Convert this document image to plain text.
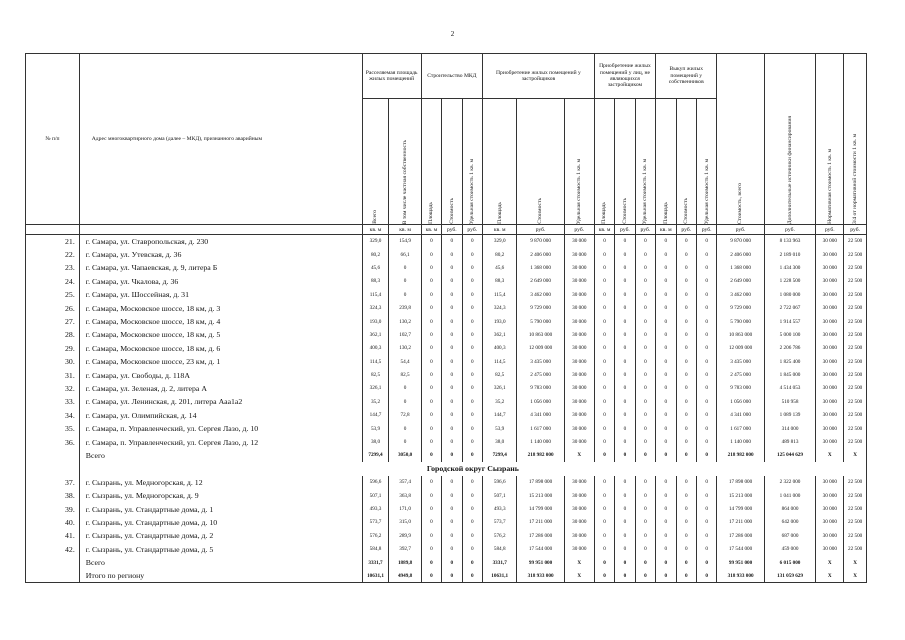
2
№ п/п	Адрес многоквартирного дома (далее – МКД), признанного аварийным	Расселяемая площадь жилых помещений		Строительство МКД			Приобретение жилых помещений у застройщиков			Приобретение жилых помещений у лиц, не являющихся застройщиком			Выкуп жилых помещений у собственников			Стоимость, всего	Дополнительные источники финансирования	Нормативная стоимость 1 кв. м	3/4 от нормативной стоимости 1 кв. м

		Всего	В том числе частная собственность	Площадь	Стоимость	Удельная стоимость 1 кв. м	Площадь	Стоимость	Удельная стоимость 1 кв. м	Площадь	Стоимость	Удельная стоимость 1 кв. м	Площадь	Стоимость	Удельная стоимость 1 кв. м				

		кв. м	кв. м	кв. м	руб.	руб.	кв. м	руб.	руб.	кв. м	руб.	руб.	кв. м	руб.	руб.	руб.	руб.	руб.	руб.
21.	г. Самара, ул. Ставропольская, д. 230	329,0	154,9	0	0	0	329,0	9 870 000	30 000	0	0	0	0	0	0	9 870 000	8 133 963	30 000	22 500
22.	г. Самара, ул. Утевская, д. 36	80,2	66,1	0	0	0	80,2	2 406 000	30 000	0	0	0	0	0	0	2 406 000	2 189 010	30 000	22 500
23.	г. Самара, ул. Чапаевская, д. 9, литера Б	45,6	0	0	0	0	45,6	1 368 000	30 000	0	0	0	0	0	0	1 368 000	1 434 300	30 000	22 500
24.	г. Самара, ул. Чкалова, д. 36	88,3	0	0	0	0	88,3	2 649 000	30 000	0	0	0	0	0	0	2 649 000	1 228 500	30 000	22 500
25.	г. Самара, ул. Шоссейная, д. 31	115,4	0	0	0	0	115,4	3 462 000	30 000	0	0	0	0	0	0	3 462 000	1 080 000	30 000	22 500
26.	г. Самара, Московское шоссе, 18 км, д. 3	324,3	239,8	0	0	0	324,3	9 729 000	30 000	0	0	0	0	0	0	9 729 000	2 722 067	30 000	22 500
27.	г. Самара, Московское шоссе, 18 км, д. 4	193,0	130,2	0	0	0	193,0	5 790 000	30 000	0	0	0	0	0	0	5 790 000	1 914 557	30 000	22 500
28.	г. Самара, Московское шоссе, 18 км, д. 5	362,1	102,7	0	0	0	362,1	10 863 000	30 000	0	0	0	0	0	0	10 863 000	5 000 100	30 000	22 500
29.	г. Самара, Московское шоссе, 18 км, д. 6	400,3	130,2	0	0	0	400,3	12 009 000	30 000	0	0	0	0	0	0	12 009 000	2 206 786	30 000	22 500
30.	г. Самара, Московское шоссе, 23 км, д. 1	114,5	54,4	0	0	0	114,5	3 435 000	30 000	0	0	0	0	0	0	3 435 000	1 825 400	30 000	22 500
31.	г. Самара, ул. Свободы, д. 118А	82,5	82,5	0	0	0	82,5	2 475 000	30 000	0	0	0	0	0	0	2 475 000	1 845 000	30 000	22 500
32.	г. Самара, ул. Зеленая, д. 2, литера А	326,1	0	0	0	0	326,1	9 783 000	30 000	0	0	0	0	0	0	9 783 000	4 514 053	30 000	22 500
33.	г. Самара, ул. Ленинская, д. 201, литера Ааа1а2	35,2	0	0	0	0	35,2	1 056 000	30 000	0	0	0	0	0	0	1 056 000	510 958	30 000	22 500
34.	г. Самара, ул. Олимпийская, д. 14	144,7	72,8	0	0	0	144,7	4 341 000	30 000	0	0	0	0	0	0	4 341 000	1 089 139	30 000	22 500
35.	г. Самара, п. Управленческий, ул. Сергея Лазо, д. 10	53,9	0	0	0	0	53,9	1 617 000	30 000	0	0	0	0	0	0	1 617 000	314 000	30 000	22 500
36.	г. Самара, п. Управленческий, ул. Сергея Лазо, д. 12	38,0	0	0	0	0	38,0	1 140 000	30 000	0	0	0	0	0	0	1 140 000	489 813	30 000	22 500
	Всего	7299,4	3050,0	0	0	0	7299,4	218 982 000	Х	0	0	0	0	0	0	218 982 000	125 044 629	Х	Х
	Городской округ Сызрань																		
37.	г. Сызрань, ул. Медногорская, д. 12	596,6	357,4	0	0	0	596,6	17 898 000	30 000	0	0	0	0	0	0	17 898 000	2 322 000	30 000	22 500
38.	г. Сызрань, ул. Медногорская, д. 9	507,1	363,8	0	0	0	507,1	15 213 000	30 000	0	0	0	0	0	0	15 213 000	1 041 000	30 000	22 500
39.	г. Сызрань, ул. Стандартные дома, д. 1	493,3	171,0	0	0	0	493,3	14 799 000	30 000	0	0	0	0	0	0	14 799 000	864 000	30 000	22 500
40.	г. Сызрань, ул. Стандартные дома, д. 10	573,7	315,0	0	0	0	573,7	17 211 000	30 000	0	0	0	0	0	0	17 211 000	642 000	30 000	22 500
41.	г. Сызрань, ул. Стандартные дома, д. 2	576,2	289,9	0	0	0	576,2	17 286 000	30 000	0	0	0	0	0	0	17 286 000	687 000	30 000	22 500
42.	г. Сызрань, ул. Стандартные дома, д. 5	584,8	392,7	0	0	0	584,8	17 544 000	30 000	0	0	0	0	0	0	17 544 000	459 000	30 000	22 500
	Всего	3331,7	1889,8	0	0	0	3331,7	99 951 000	Х	0	0	0	0	0	0	99 951 000	6 015 000	Х	Х
	Итого по региону	10631,1	4949,8	0	0	0	10631,1	318 933 000	Х	0	0	0	0	0	0	318 933 000	131 059 629	Х	Х
